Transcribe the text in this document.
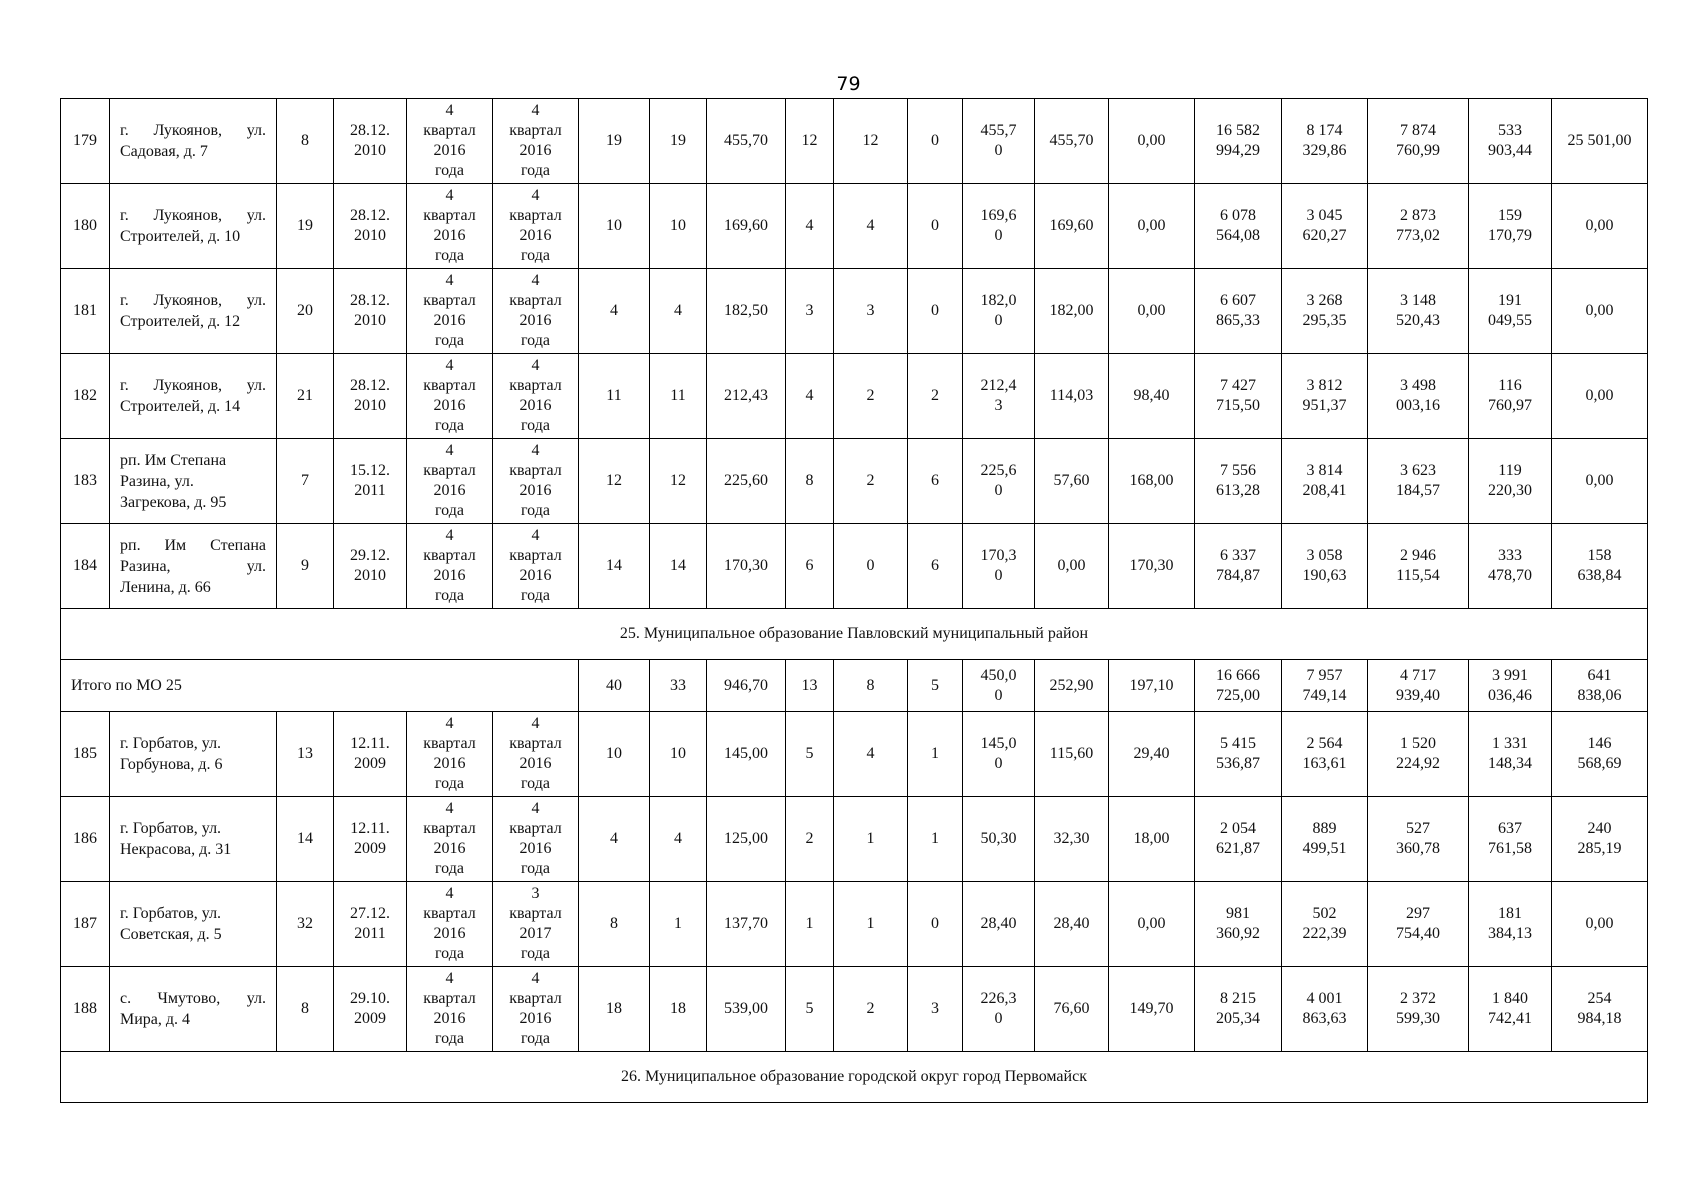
79
179	г. Лукоянов, ул.
Садовая, д. 7	8	28.12.
2010	4
квартал
2016
года	4
квартал
2016
года	19	19	455,70	12	12	0	455,7
0	455,70	0,00	16 582
994,29	8 174
329,86	7 874
760,99	533
903,44	25 501,00

180	г. Лукоянов, ул.
Строителей, д. 10	19	28.12.
2010	4
квартал
2016
года	4
квартал
2016
года	10	10	169,60	4	4	0	169,6
0	169,60	0,00	6 078
564,08	3 045
620,27	2 873
773,02	159
170,79	0,00

181	г. Лукоянов, ул.
Строителей, д. 12	20	28.12.
2010	4
квартал
2016
года	4
квартал
2016
года	4	4	182,50	3	3	0	182,0
0	182,00	0,00	6 607
865,33	3 268
295,35	3 148
520,43	191
049,55	0,00

182	г. Лукоянов, ул.
Строителей, д. 14	21	28.12.
2010	4
квартал
2016
года	4
квартал
2016
года	11	11	212,43	4	2	2	212,4
3	114,03	98,40	7 427
715,50	3 812
951,37	3 498
003,16	116
760,97	0,00

183	рп. Им Степана
Разина, ул.
Загрекова, д. 95	7	15.12.
2011	4
квартал
2016
года	4
квартал
2016
года	12	12	225,60	8	2	6	225,6
0	57,60	168,00	7 556
613,28	3 814
208,41	3 623
184,57	119
220,30	0,00

184	рп. Им Степана
Разина, ул.
Ленина, д. 66	9	29.12.
2010	4
квартал
2016
года	4
квартал
2016
года	14	14	170,30	6	0	6	170,3
0	0,00	170,30	6 337
784,87	3 058
190,63	2 946
115,54	333
478,70	158
638,84

25. Муниципальное образование Павловский муниципальный район																			
Итого по МО 25						40	33	946,70	13	8	5	450,0
0	252,90	197,10	16 666
725,00	7 957
749,14	4 717
939,40	3 991
036,46	641
838,06

185	г. Горбатов, ул.
Горбунова, д. 6	13	12.11.
2009	4
квартал
2016
года	4
квартал
2016
года	10	10	145,00	5	4	1	145,0
0	115,60	29,40	5 415
536,87	2 564
163,61	1 520
224,92	1 331
148,34	146
568,69

186	г. Горбатов, ул.
Некрасова, д. 31	14	12.11.
2009	4
квартал
2016
года	4
квартал
2016
года	4	4	125,00	2	1	1	50,30	32,30	18,00	2 054
621,87	889
499,51	527
360,78	637
761,58	240
285,19

187	г. Горбатов, ул.
Советская, д. 5	32	27.12.
2011	4
квартал
2016
года	3
квартал
2017
года	8	1	137,70	1	1	0	28,40	28,40	0,00	981
360,92	502
222,39	297
754,40	181
384,13	0,00

188	с. Чмутово, ул.
Мира, д. 4	8	29.10.
2009	4
квартал
2016
года	4
квартал
2016
года	18	18	539,00	5	2	3	226,3
0	76,60	149,70	8 215
205,34	4 001
863,63	2 372
599,30	1 840
742,41	254
984,18

26. Муниципальное образование городской округ город Первомайск																			
